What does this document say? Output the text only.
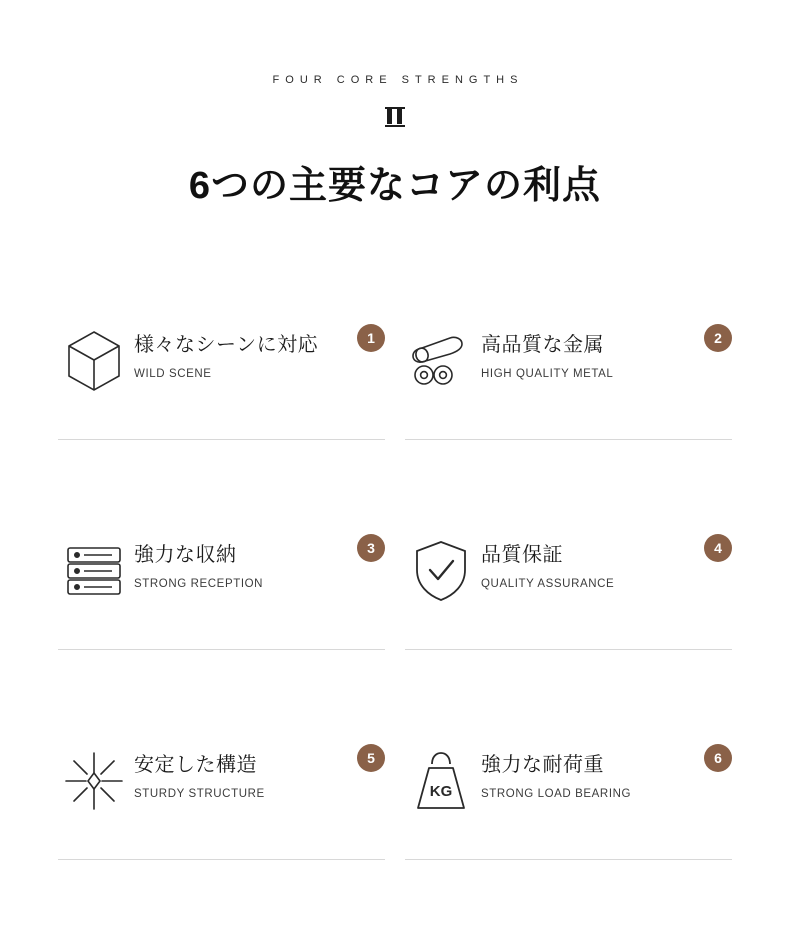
FOUR CORE STRENGTHS
6つの主要なコアの利点
様々なシーンに対応
WILD SCENE
1	高品質な金属
HIGH QUALITY METAL
2
強力な収納
STRONG RECEPTION
3	品質保証
QUALITY ASSURANCE
4
安定した構造
STURDY STRUCTURE
5
KG
強力な耐荷重
STRONG LOAD BEARING
6
